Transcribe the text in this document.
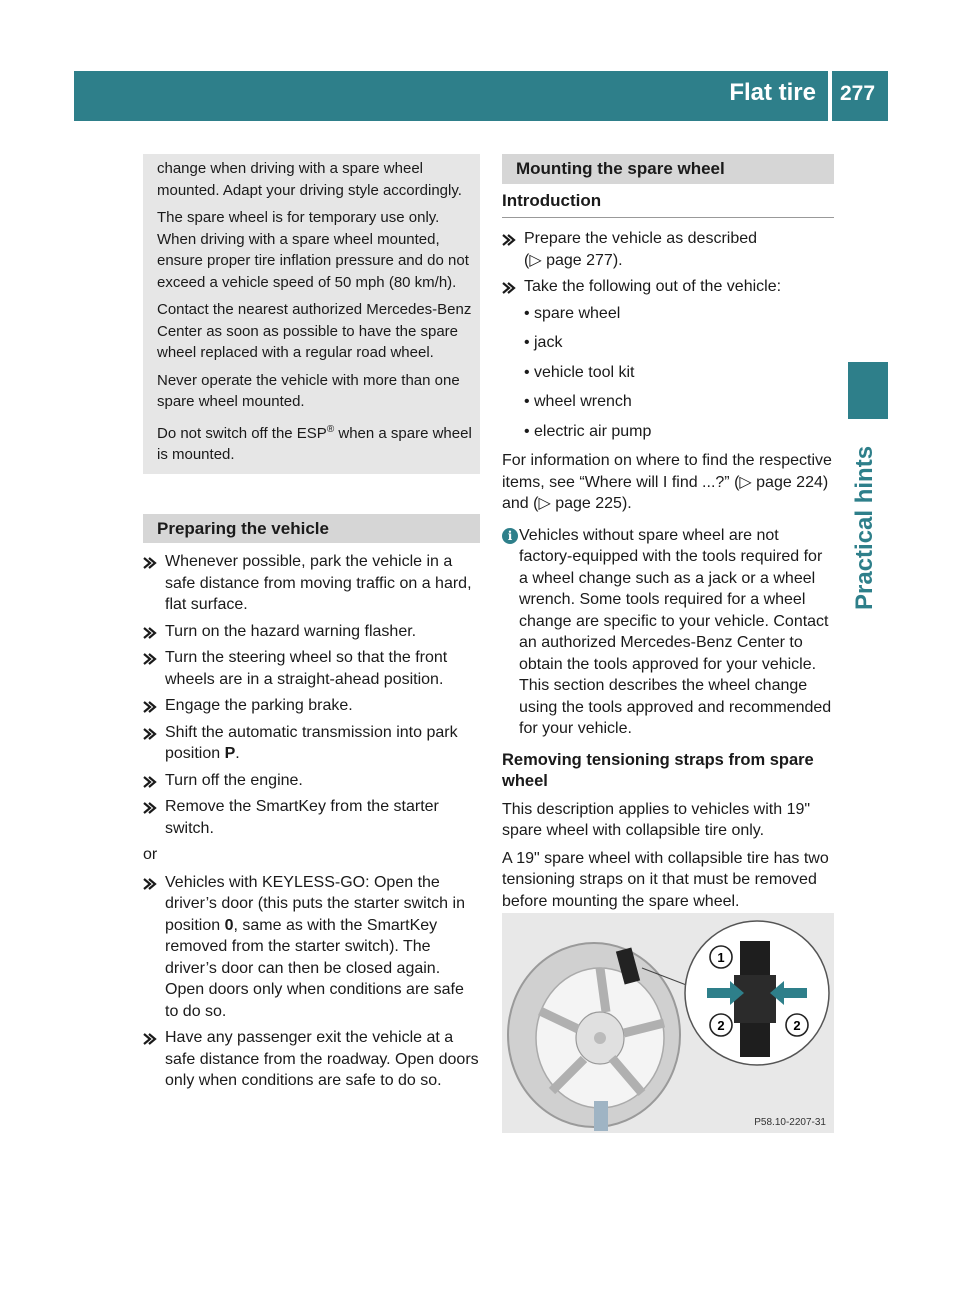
Flat tire 277
Practical hints

change when driving with a spare wheel mounted. Adapt your driving style accordingly.

The spare wheel is for temporary use only. When driving with a spare wheel mounted, ensure proper tire inflation pressure and do not exceed a vehicle speed of 50 mph (80 km/h).

Contact the nearest authorized Mercedes-Benz Center as soon as possible to have the spare wheel replaced with a regular road wheel.

Never operate the vehicle with more than one spare wheel mounted.

Do not switch off the ESP® when a spare wheel is mounted.

Preparing the vehicle
Whenever possible, park the vehicle in a safe distance from moving traffic on a hard, flat surface.
Turn on the hazard warning flasher.
Turn the steering wheel so that the front wheels are in a straight-ahead position.
Engage the parking brake.
Shift the automatic transmission into park position P.
Turn off the engine.
Remove the SmartKey from the starter switch.
or
Vehicles with KEYLESS-GO: Open the driver’s door (this puts the starter switch in position 0, same as with the SmartKey removed from the starter switch). The driver’s door can then be closed again. Open doors only when conditions are safe to do so.
Have any passenger exit the vehicle at a safe distance from the roadway. Open doors only when conditions are safe to do so.
Mounting the spare wheel
Introduction
Prepare the vehicle as described
(▷ page 277).
Take the following out of the vehicle:
• spare wheel
• jack
• vehicle tool kit
• wheel wrench
• electric air pump
For information on where to find the respective items, see “Where will I find ...?” (▷ page 224) and (▷ page 225).
i Vehicles without spare wheel are not factory-equipped with the tools required for a wheel change such as a jack or a wheel wrench. Some tools required for a wheel change are specific to your vehicle. Contact an authorized Mercedes-Benz Center to obtain the tools approved for your vehicle. This section describes the wheel change using the tools approved and recommended for your vehicle.
Removing tensioning straps from spare wheel
This description applies to vehicles with 19" spare wheel with collapsible tire only.
A 19" spare wheel with collapsible tire has two tensioning straps on it that must be removed before mounting the spare wheel.
1
2	2
P58.10-2207-31
